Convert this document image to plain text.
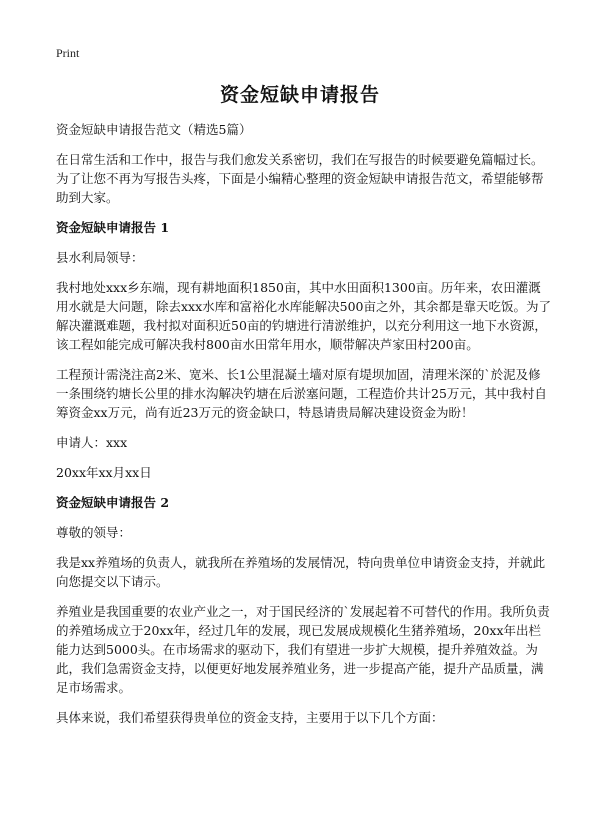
Print
资金短缺申请报告

资金短缺申请报告范文（精选5篇）

在日常生活和工作中，报告与我们愈发关系密切，我们在写报告的时候要避免篇幅过长。为了让您不再为写报告头疼，下面是小编精心整理的资金短缺申请报告范文，希望能够帮助到大家。

资金短缺申请报告 1

县水利局领导：

我村地处xxx乡东端，现有耕地面积1850亩，其中水田面积1300亩。历年来，农田灌溉用水就是大问题，除去xxx水库和富裕化水库能解决500亩之外，其余都是靠天吃饭。为了解决灌溉难题，我村拟对面积近50亩的钓塘进行清淤维护，以充分利用这一地下水资源，该工程如能完成可解决我村800亩水田常年用水，顺带解决芦家田村200亩。

工程预计需浇注高2米、宽米、长1公里混凝土墙对原有堤坝加固，清理米深的`於泥及修一条围绕钓塘长公里的排水沟解决钓塘在后淤塞问题，工程造价共计25万元，其中我村自筹资金xx万元，尚有近23万元的资金缺口，特恳请贵局解决建设资金为盼！

申请人：xxx

20xx年xx月xx日

资金短缺申请报告 2

尊敬的领导：

我是xx养殖场的负责人，就我所在养殖场的发展情况，特向贵单位申请资金支持，并就此向您提交以下请示。

养殖业是我国重要的农业产业之一，对于国民经济的`发展起着不可替代的作用。我所负责的养殖场成立于20xx年，经过几年的发展，现已发展成规模化生猪养殖场，20xx年出栏能力达到5000头。在市场需求的驱动下，我们有望进一步扩大规模，提升养殖效益。为此，我们急需资金支持，以便更好地发展养殖业务，进一步提高产能，提升产品质量，满足市场需求。

具体来说，我们希望获得贵单位的资金支持，主要用于以下几个方面：
